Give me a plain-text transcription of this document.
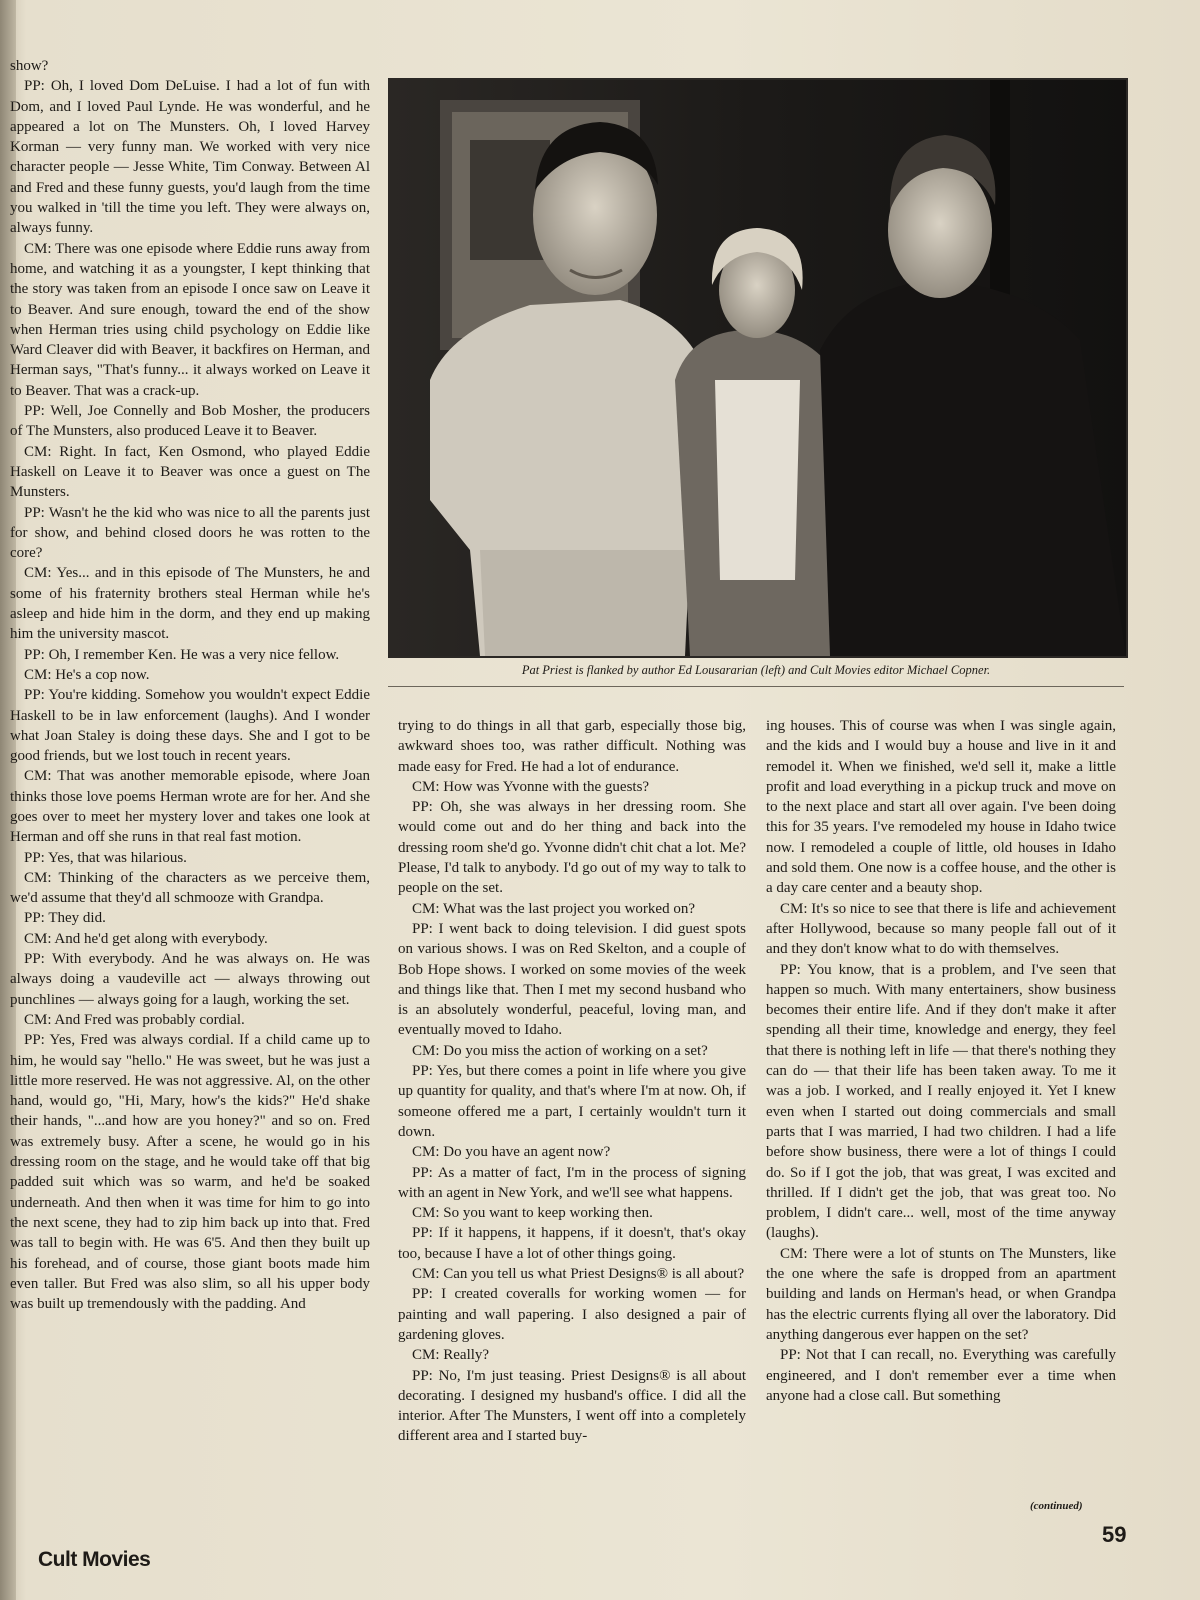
show?

PP: Oh, I loved Dom DeLuise. I had a lot of fun with Dom, and I loved Paul Lynde. He was wonderful, and he appeared a lot on The Munsters. Oh, I loved Harvey Korman — very funny man. We worked with very nice character people — Jesse White, Tim Conway. Between Al and Fred and these funny guests, you'd laugh from the time you walked in 'till the time you left. They were always on, always funny.

CM: There was one episode where Eddie runs away from home, and watching it as a youngster, I kept thinking that the story was taken from an episode I once saw on Leave it to Beaver. And sure enough, toward the end of the show when Herman tries using child psychology on Eddie like Ward Cleaver did with Beaver, it backfires on Herman, and Herman says, "That's funny... it always worked on Leave it to Beaver. That was a crack-up.

PP: Well, Joe Connelly and Bob Mosher, the producers of The Munsters, also produced Leave it to Beaver.

CM: Right. In fact, Ken Osmond, who played Eddie Haskell on Leave it to Beaver was once a guest on The Munsters.

PP: Wasn't he the kid who was nice to all the parents just for show, and behind closed doors he was rotten to the core?

CM: Yes... and in this episode of The Munsters, he and some of his fraternity brothers steal Herman while he's asleep and hide him in the dorm, and they end up making him the university mascot.

PP: Oh, I remember Ken. He was a very nice fellow.

CM: He's a cop now.

PP: You're kidding. Somehow you wouldn't expect Eddie Haskell to be in law enforcement (laughs). And I wonder what Joan Staley is doing these days. She and I got to be good friends, but we lost touch in recent years.

CM: That was another memorable episode, where Joan thinks those love poems Herman wrote are for her. And she goes over to meet her mystery lover and takes one look at Herman and off she runs in that real fast motion.

PP: Yes, that was hilarious.

CM: Thinking of the characters as we perceive them, we'd assume that they'd all schmooze with Grandpa.

PP: They did.

CM: And he'd get along with everybody.

PP: With everybody. And he was always on. He was always doing a vaudeville act — always throwing out punchlines — always going for a laugh, working the set.

CM: And Fred was probably cordial.

PP: Yes, Fred was always cordial. If a child came up to him, he would say "hello." He was sweet, but he was just a little more reserved. He was not aggressive. Al, on the other hand, would go, "Hi, Mary, how's the kids?" He'd shake their hands, "...and how are you honey?" and so on. Fred was extremely busy. After a scene, he would go in his dressing room on the stage, and he would take off that big padded suit which was so warm, and he'd be soaked underneath. And then when it was time for him to go into the next scene, they had to zip him back up into that. Fred was tall to begin with. He was 6'5. And then they built up his forehead, and of course, those giant boots made him even taller. But Fred was also slim, so all his upper body was built up tremendously with the padding. And

Pat Priest is flanked by author Ed Lousararian (left) and Cult Movies editor Michael Copner.

trying to do things in all that garb, especially those big, awkward shoes too, was rather difficult. Nothing was made easy for Fred. He had a lot of endurance.

CM: How was Yvonne with the guests?

PP: Oh, she was always in her dressing room. She would come out and do her thing and back into the dressing room she'd go. Yvonne didn't chit chat a lot. Me? Please, I'd talk to anybody. I'd go out of my way to talk to people on the set.

CM: What was the last project you worked on?

PP: I went back to doing television. I did guest spots on various shows. I was on Red Skelton, and a couple of Bob Hope shows. I worked on some movies of the week and things like that. Then I met my second husband who is an absolutely wonderful, peaceful, loving man, and eventually moved to Idaho.

CM: Do you miss the action of working on a set?

PP: Yes, but there comes a point in life where you give up quantity for quality, and that's where I'm at now. Oh, if someone offered me a part, I certainly wouldn't turn it down.

CM: Do you have an agent now?

PP: As a matter of fact, I'm in the process of signing with an agent in New York, and we'll see what happens.

CM: So you want to keep working then.

PP: If it happens, it happens, if it doesn't, that's okay too, because I have a lot of other things going.

CM: Can you tell us what Priest Designs® is all about?

PP: I created coveralls for working women — for painting and wall papering. I also designed a pair of gardening gloves.

CM: Really?

PP: No, I'm just teasing. Priest Designs® is all about decorating. I designed my husband's office. I did all the interior. After The Munsters, I went off into a completely different area and I started buy-

ing houses. This of course was when I was single again, and the kids and I would buy a house and live in it and remodel it. When we finished, we'd sell it, make a little profit and load everything in a pickup truck and move on to the next place and start all over again. I've been doing this for 35 years. I've remodeled my house in Idaho twice now. I remodeled a couple of little, old houses in Idaho and sold them. One now is a coffee house, and the other is a day care center and a beauty shop.

CM: It's so nice to see that there is life and achievement after Hollywood, because so many people fall out of it and they don't know what to do with themselves.

PP: You know, that is a problem, and I've seen that happen so much. With many entertainers, show business becomes their entire life. And if they don't make it after spending all their time, knowledge and energy, they feel that there is nothing left in life — that there's nothing they can do — that their life has been taken away. To me it was a job. I worked, and I really enjoyed it. Yet I knew even when I started out doing commercials and small parts that I was married, I had two children. I had a life before show business, there were a lot of things I could do. So if I got the job, that was great, I was excited and thrilled. If I didn't get the job, that was great too. No problem, I didn't care... well, most of the time anyway (laughs).

CM: There were a lot of stunts on The Munsters, like the one where the safe is dropped from an apartment building and lands on Herman's head, or when Grandpa has the electric currents flying all over the laboratory. Did anything dangerous ever happen on the set?

PP: Not that I can recall, no. Everything was carefully engineered, and I don't remember ever a time when anyone had a close call. But something

(continued)
59
Cult Movies
